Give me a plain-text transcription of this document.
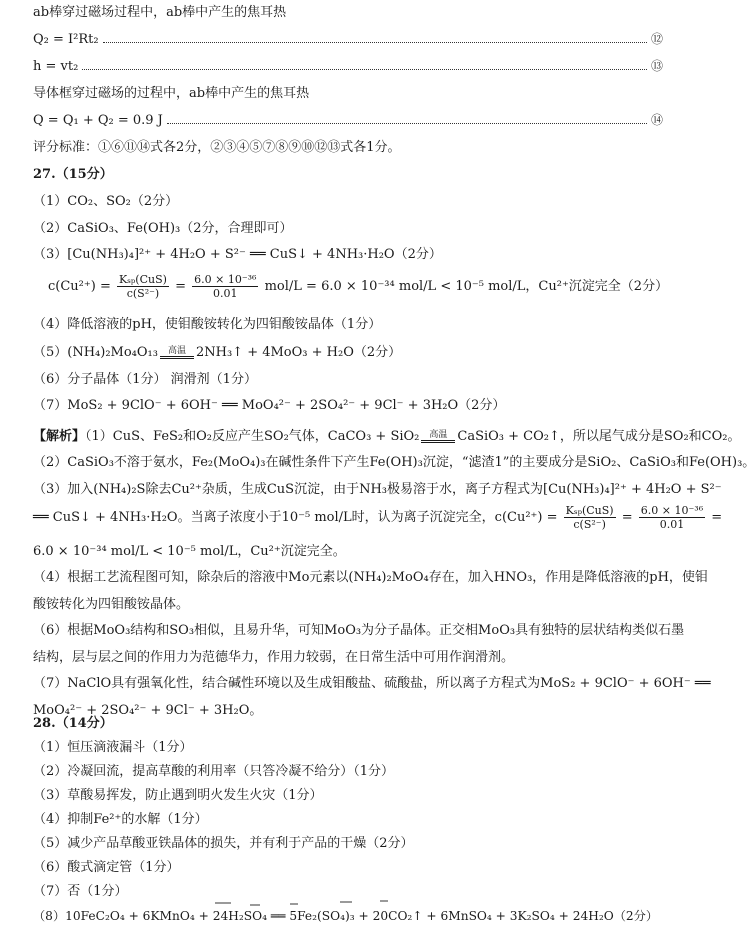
ab棒穿过磁场过程中，ab棒中产生的焦耳热
Q₂ = I²Rt₂	⑫
h = vt₂	⑬
导体框穿过磁场的过程中，ab棒中产生的焦耳热
Q = Q₁ + Q₂ = 0.9 J	⑭
评分标准：①⑥⑪⑭式各2分，②③④⑤⑦⑧⑨⑩⑫⑬式各1分。
27.（15分）
（1）CO₂、SO₂（2分）
（2）CaSiO₃、Fe(OH)₃（2分，合理即可）
（3）[Cu(NH₃)₄]²⁺ + 4H₂O + S²⁻ ══ CuS↓ + 4NH₃·H₂O（2分）
$c(Cu^{2+}) = \frac{\text{Kₛₚ(CuS)}}{\text{c(S²⁻)}} = \frac{\text{6.0 × 10⁻³⁶}}{0.01} mol/L = 6.0 \times 10^{-34}$ mol/L < 10⁻⁵ mol/L，Cu²⁺沉淀完全（2分）
（4）降低溶液的pH，使钼酸铵转化为四钼酸铵晶体（1分）
（5）(NH₄)₂Mo₄O₁₃ 高温 2NH₃↑ + 4MoO₃ + H₂O（2分）
（6）分子晶体（1分） 润滑剂（1分）
（7）MoS₂ + 9ClO⁻ + 6OH⁻ ══ MoO₄²⁻ + 2SO₄²⁻ + 9Cl⁻ + 3H₂O（2分）
【解析】（1）CuS、FeS₂和O₂反应产生SO₂气体，CaCO₃ + SiO₂ 高温 CaSiO₃ + CO₂↑，所以尾气成分是SO₂和CO₂。
（2）CaSiO₃不溶于氨水，Fe₂(MoO₄)₃在碱性条件下产生Fe(OH)₃沉淀，“滤渣1”的主要成分是SiO₂、CaSiO₃和Fe(OH)₃。
（3）加入(NH₄)₂S除去Cu²⁺杂质，生成CuS沉淀，由于NH₃极易溶于水，离子方程式为[Cu(NH₃)₄]²⁺ + 4H₂O + S²⁻
══ CuS↓ + 4NH₃·H₂O。当离子浓度小于10⁻⁵ mol/L时，认为离子沉淀完全，$c(Cu^{2+}) = \frac{\text{Kₛₚ(CuS)}}{\text{c(S²⁻)}} = \frac{\text{6.0 × 10⁻³⁶}}{0.01}$ =
6.0 × 10⁻³⁴ mol/L < 10⁻⁵ mol/L，Cu²⁺沉淀完全。
（4）根据工艺流程图可知，除杂后的溶液中Mo元素以(NH₄)₂MoO₄存在，加入HNO₃，作用是降低溶液的pH，使钼
酸铵转化为四钼酸铵晶体。
（6）根据MoO₃结构和SO₃相似，且易升华，可知MoO₃为分子晶体。正交相MoO₃具有独特的层状结构类似石墨
结构，层与层之间的作用力为范德华力，作用力较弱，在日常生活中可用作润滑剂。
（7）NaClO具有强氧化性，结合碱性环境以及生成钼酸盐、硫酸盐，所以离子方程式为MoS₂ + 9ClO⁻ + 6OH⁻ ══
MoO₄²⁻ + 2SO₄²⁻ + 9Cl⁻ + 3H₂O。
28.（14分）
（1）恒压滴液漏斗（1分）
（2）冷凝回流，提高草酸的利用率（只答冷凝不给分）（1分）
（3）草酸易挥发，防止遇到明火发生火灾（1分）
（4）抑制Fe²⁺的水解（1分）
（5）减少产品草酸亚铁晶体的损失，并有利于产品的干燥（2分）
（6）酸式滴定管（1分）
（7）否（1分）
（8）10FeC₂O₄ + 6KMnO₄ + 24H₂SO₄ ══ 5Fe₂(SO₄)₃ + 20CO₂↑ + 6MnSO₄ + 3K₂SO₄ + 24H₂O（2分）
